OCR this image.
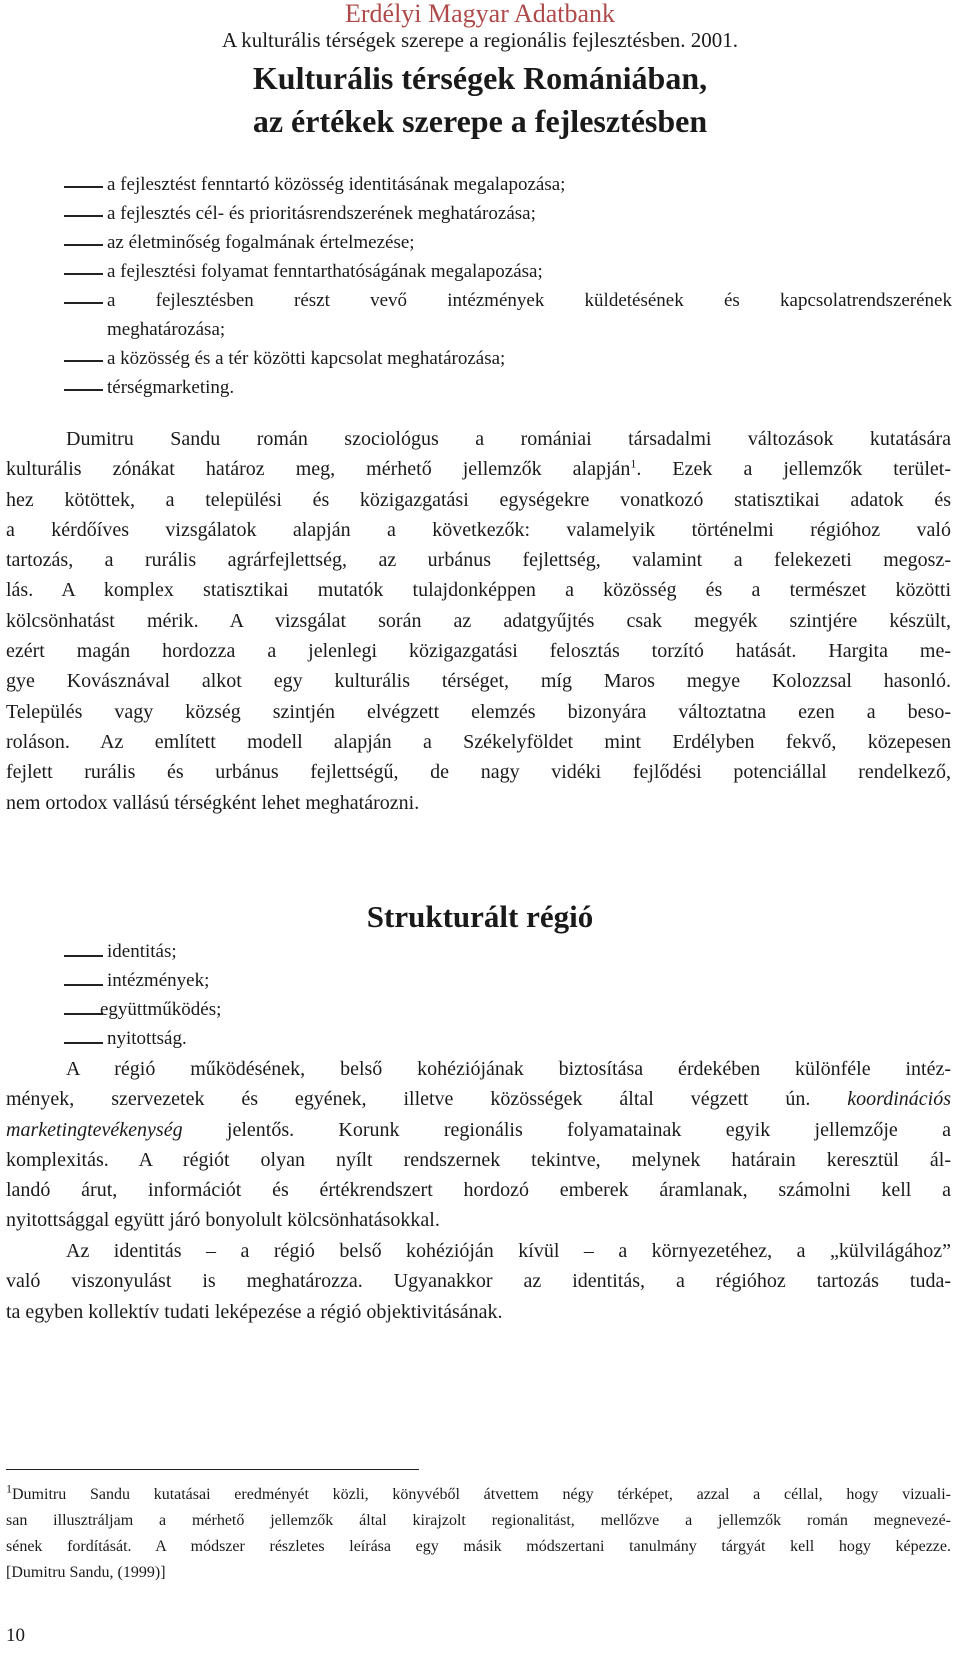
Erdélyi Magyar Adatbank
A kulturális térségek szerepe a regionális fejlesztésben. 2001.
Kulturális térségek Romániában,
az értékek szerepe a fejlesztésben
a fejlesztést fenntartó közösség identitásának megalapozása;
a fejlesztés cél- és prioritásrendszerének meghatározása;
az életminőség fogalmának értelmezése;
a fejlesztési folyamat fenntarthatóságának megalapozása;
a fejlesztésben részt vevő intézmények küldetésének és kapcsolatrendszerének
meghatározása;
a közösség és a tér közötti kapcsolat meghatározása;
térségmarketing.
Dumitru Sandu román szociológus a romániai társadalmi változások kutatására
kulturális zónákat határoz meg, mérhető jellemzők alapján$^1$. Ezek a jellemzők terület-
hez kötöttek, a települési és közigazgatási egységekre vonatkozó statisztikai adatok és
a kérdőíves vizsgálatok alapján a következők: valamelyik történelmi régióhoz való
tartozás, a rurális agrárfejlettség, az urbánus fejlettség, valamint a felekezeti megosz-
lás. A komplex statisztikai mutatók tulajdonképpen a közösség és a természet közötti
kölcsönhatást mérik. A vizsgálat során az adatgyűjtés csak megyék szintjére készült,
ezért magán hordozza a jelenlegi közigazgatási felosztás torzító hatását. Hargita me-
gye Kovásznával alkot egy kulturális térséget, míg Maros megye Kolozzsal hasonló.
Település vagy község szintjén elvégzett elemzés bizonyára változtatna ezen a beso-
roláson. Az említett modell alapján a Székelyföldet mint Erdélyben fekvő, közepesen
fejlett rurális és urbánus fejlettségű, de nagy vidéki fejlődési potenciállal rendelkező,
nem ortodox vallású térségként lehet meghatározni.
Strukturált régió
identitás;
intézmények;
együttműködés;
nyitottság.
A régió működésének, belső kohéziójának biztosítása érdekében különféle intéz-
mények, szervezetek és egyének, illetve közösségek által végzett ún. koordinációs
marketingtevékenység jelentős. Korunk regionális folyamatainak egyik jellemzője a
komplexitás. A régiót olyan nyílt rendszernek tekintve, melynek határain keresztül ál-
landó árut, információt és értékrendszert hordozó emberek áramlanak, számolni kell a
nyitottsággal együtt járó bonyolult kölcsönhatásokkal.
Az identitás – a régió belső kohézióján kívül – a környezetéhez, a „külvilágához”
való viszonyulást is meghatározza. Ugyanakkor az identitás, a régióhoz tartozás tuda-
ta egyben kollektív tudati leképezése a régió objektivitásának.
$^1$Dumitru Sandu kutatásai eredményét közli, könyvéből átvettem négy térképet, azzal a céllal, hogy vizuali-
san illusztráljam a mérhető jellemzők által kirajzolt regionalitást, mellőzve a jellemzők román megnevezé-
sének fordítását. A módszer részletes leírása egy másik módszertani tanulmány tárgyát kell hogy képezze.
[Dumitru Sandu, (1999)]
10
